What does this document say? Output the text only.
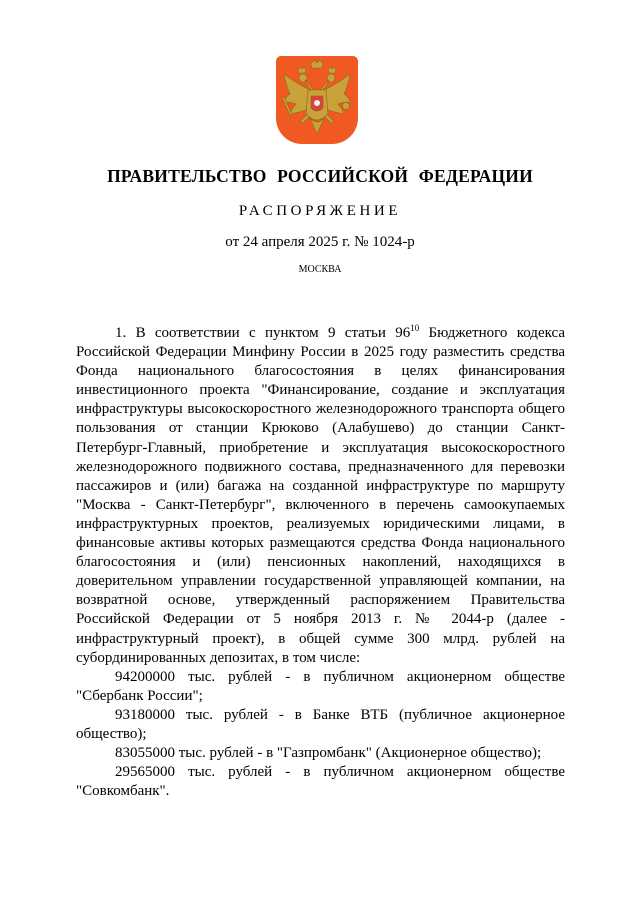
ПРАВИТЕЛЬСТВО РОССИЙСКОЙ ФЕДЕРАЦИИ
РАСПОРЯЖЕНИЕ
от 24 апреля 2025 г. № 1024-р
МОСКВА

1. В соответствии с пунктом 9 статьи $96^{10}$ Бюджетного кодекса Российской Федерации Минфину России в 2025 году разместить средства Фонда национального благосостояния в целях финансирования инвестиционного проекта "Финансирование, создание и эксплуатация инфраструктуры высокоскоростного железнодорожного транспорта общего пользования от станции Крюково (Алабушево) до станции Санкт-Петербург-Главный, приобретение и эксплуатация высокоскоростного железнодорожного подвижного состава, предназначенного для перевозки пассажиров и (или) багажа на созданной инфраструктуре по маршруту "Москва - Санкт-Петербург", включенного в перечень самоокупаемых инфраструктурных проектов, реализуемых юридическими лицами, в финансовые активы которых размещаются средства Фонда национального благосостояния и (или) пенсионных накоплений, находящихся в доверительном управлении государственной управляющей компании, на возвратной основе, утвержденный распоряжением Правительства Российской Федерации от 5 ноября 2013 г. № 2044-р (далее - инфраструктурный проект), в общей сумме 300 млрд. рублей на субординированных депозитах, в том числе:

94200000 тыс. рублей - в публичном акционерном обществе "Сбербанк России";

93180000 тыс. рублей - в Банке ВТБ (публичное акционерное общество);

83055000 тыс. рублей - в "Газпромбанк" (Акционерное общество);

29565000 тыс. рублей - в публичном акционерном обществе "Совкомбанк".
